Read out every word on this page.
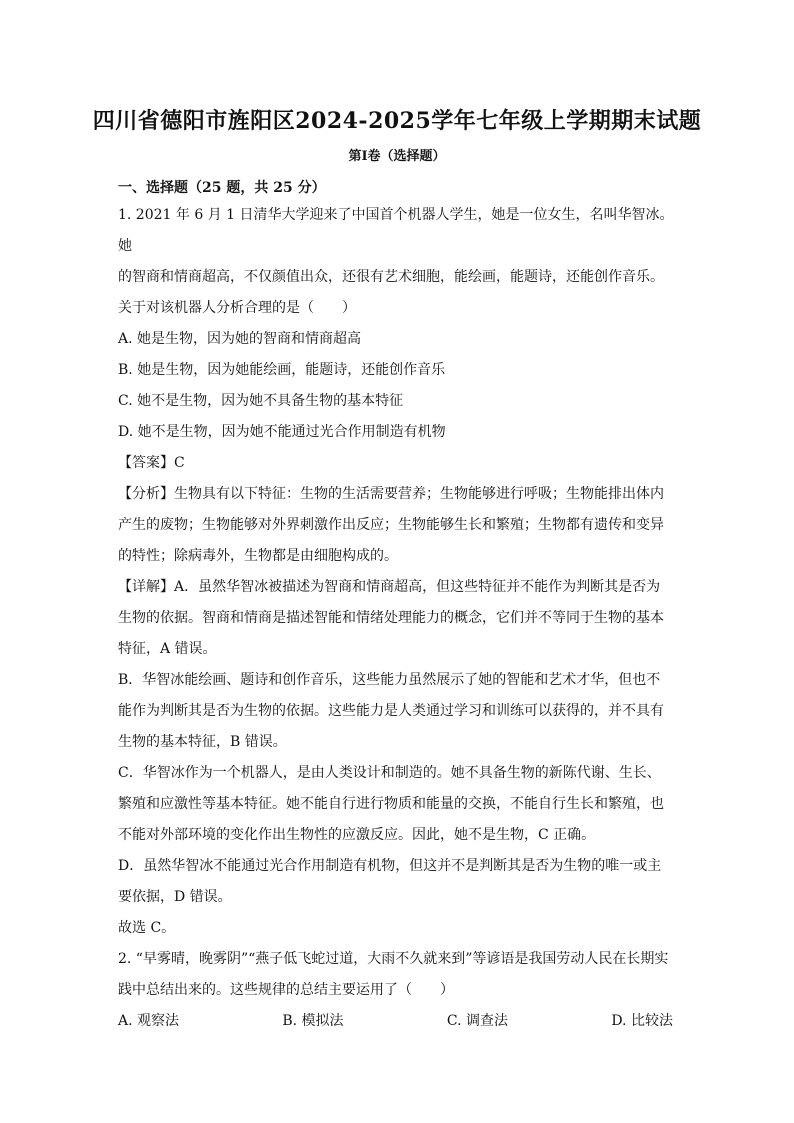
四川省德阳市旌阳区2024-2025学年七年级上学期期末试题
第I卷（选择题）
一、选择题（25 题，共 25 分）

1. 2021 年 6 月 1 日清华大学迎来了中国首个机器人学生，她是一位女生，名叫华智冰。她

的智商和情商超高，不仅颜值出众，还很有艺术细胞，能绘画，能题诗，还能创作音乐。

关于对该机器人分析合理的是（　　）

A. 她是生物，因为她的智商和情商超高

B. 她是生物，因为她能绘画，能题诗，还能创作音乐

C. 她不是生物，因为她不具备生物的基本特征

D. 她不是生物，因为她不能通过光合作用制造有机物

【答案】C

【分析】生物具有以下特征：生物的生活需要营养；生物能够进行呼吸；生物能排出体内

产生的废物；生物能够对外界刺激作出反应；生物能够生长和繁殖；生物都有遗传和变异

的特性；除病毒外，生物都是由细胞构成的。

【详解】A．虽然华智冰被描述为智商和情商超高，但这些特征并不能作为判断其是否为

生物的依据。智商和情商是描述智能和情绪处理能力的概念，它们并不等同于生物的基本

特征，A 错误。

B．华智冰能绘画、题诗和创作音乐，这些能力虽然展示了她的智能和艺术才华，但也不

能作为判断其是否为生物的依据。这些能力是人类通过学习和训练可以获得的，并不具有

生物的基本特征，B 错误。

C．华智冰作为一个机器人，是由人类设计和制造的。她不具备生物的新陈代谢、生长、

繁殖和应激性等基本特征。她不能自行进行物质和能量的交换，不能自行生长和繁殖，也

不能对外部环境的变化作出生物性的应激反应。因此，她不是生物，C 正确。

D．虽然华智冰不能通过光合作用制造有机物，但这并不是判断其是否为生物的唯一或主

要依据，D 错误。

故选 C。

2. “早雾晴，晚雾阴”“燕子低飞蛇过道，大雨不久就来到”等谚语是我国劳动人民在长期实

践中总结出来的。这些规律的总结主要运用了（　　）

A. 观察法	B. 模拟法	C. 调查法	D. 比较法
